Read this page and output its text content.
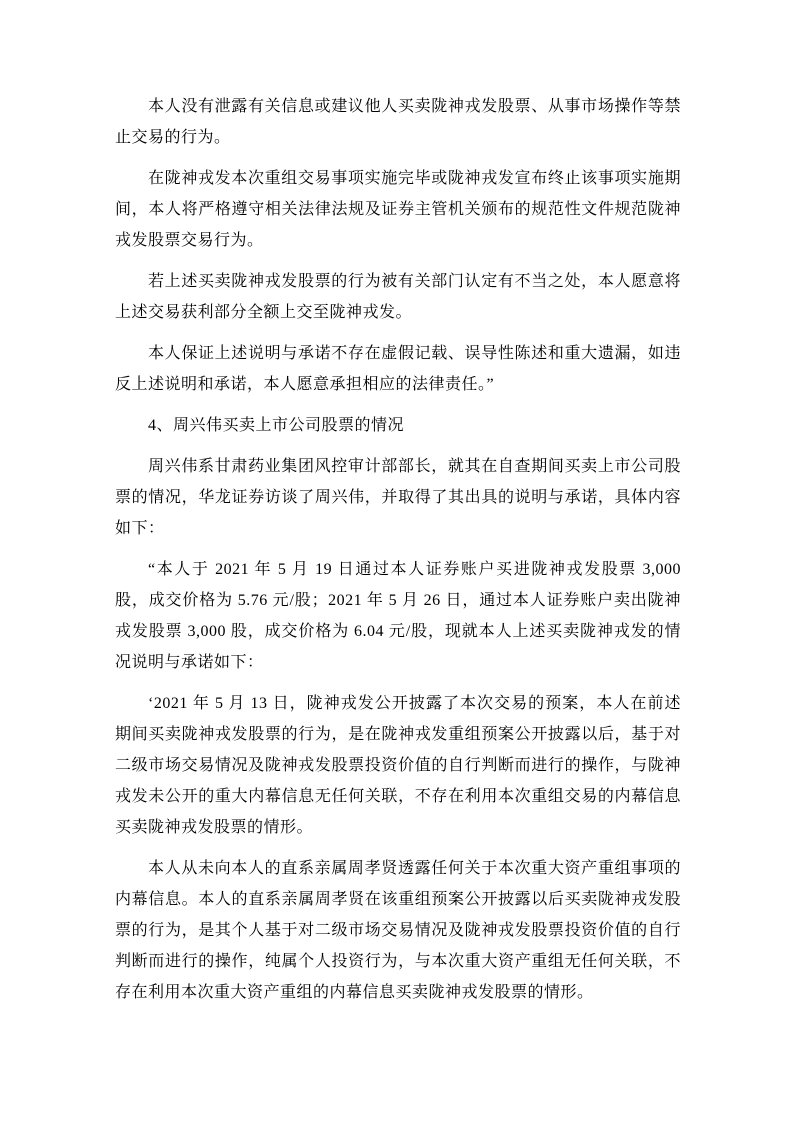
本人没有泄露有关信息或建议他人买卖陇神戎发股票、从事市场操作等禁止交易的行为。

在陇神戎发本次重组交易事项实施完毕或陇神戎发宣布终止该事项实施期间，本人将严格遵守相关法律法规及证券主管机关颁布的规范性文件规范陇神戎发股票交易行为。

若上述买卖陇神戎发股票的行为被有关部门认定有不当之处，本人愿意将上述交易获利部分全额上交至陇神戎发。

本人保证上述说明与承诺不存在虚假记载、误导性陈述和重大遗漏，如违反上述说明和承诺，本人愿意承担相应的法律责任。”

4、周兴伟买卖上市公司股票的情况

周兴伟系甘肃药业集团风控审计部部长，就其在自查期间买卖上市公司股票的情况，华龙证券访谈了周兴伟，并取得了其出具的说明与承诺，具体内容如下：

“本人于 2021 年 5 月 19 日通过本人证券账户买进陇神戎发股票 3,000 股，成交价格为 5.76 元/股；2021 年 5 月 26 日，通过本人证券账户卖出陇神戎发股票 3,000 股，成交价格为 6.04 元/股，现就本人上述买卖陇神戎发的情况说明与承诺如下：

‘2021 年 5 月 13 日，陇神戎发公开披露了本次交易的预案，本人在前述期间买卖陇神戎发股票的行为，是在陇神戎发重组预案公开披露以后，基于对二级市场交易情况及陇神戎发股票投资价值的自行判断而进行的操作，与陇神戎发未公开的重大内幕信息无任何关联，不存在利用本次重组交易的内幕信息买卖陇神戎发股票的情形。

本人从未向本人的直系亲属周孝贤透露任何关于本次重大资产重组事项的内幕信息。本人的直系亲属周孝贤在该重组预案公开披露以后买卖陇神戎发股票的行为，是其个人基于对二级市场交易情况及陇神戎发股票投资价值的自行判断而进行的操作，纯属个人投资行为，与本次重大资产重组无任何关联，不存在利用本次重大资产重组的内幕信息买卖陇神戎发股票的情形。
